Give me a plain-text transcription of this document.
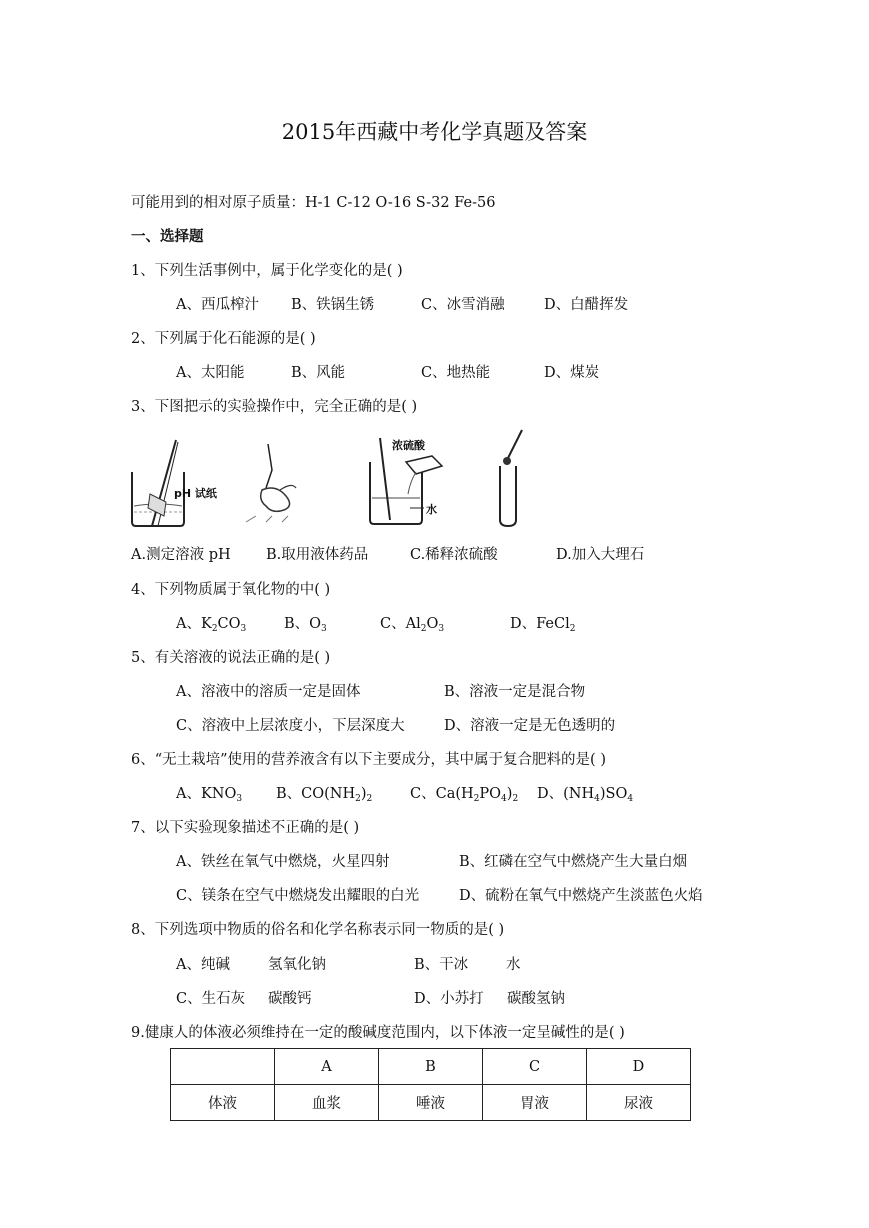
2015年西藏中考化学真题及答案
可能用到的相对原子质量：H-1 C-12 O-16 S-32 Fe-56
一、选择题
1、下列生活事例中，属于化学变化的是( )
A、西瓜榨汁 B、铁锅生锈	C、冰雪消融	D、白醋挥发
2、下列属于化石能源的是( )
A、太阳能	B、风能	C、地热能	D、煤炭
3、下图把示的实验操作中，完全正确的是( )
pH 试纸
浓硫酸
水
A.测定溶液 pH B.取用液体药品	C.稀释浓硫酸	D.加入大理石
4、下列物质属于氧化物的中( )
A、$K_2CO_3$	B、$O_3$	C、$Al_2O_3$	D、FeCl$_2$
5、有关溶液的说法正确的是( )
A、溶液中的溶质一定是固体	B、溶液一定是混合物
C、溶液中上层浓度小，下层深度大	D、溶液一定是无色透明的
6、“无土栽培”使用的营养液含有以下主要成分，其中属于复合肥料的是( )
A、$KNO_3$ B、$CO(NH_2)_2$	C、$Ca(H_2PO_4)_2$ D、$(NH_4)SO_4$
7、以下实验现象描述不正确的是( )
A、铁丝在氧气中燃烧，火星四射	B、红磷在空气中燃烧产生大量白烟
C、镁条在空气中燃烧发出耀眼的白光	D、硫粉在氧气中燃烧产生淡蓝色火焰
8、下列选项中物质的俗名和化学名称表示同一物质的是( )
A、纯碱	氢氧化钠	B、干冰	水
C、生石灰 碳酸钙	D、小苏打 碳酸氢钠
9.健康人的体液必须维持在一定的酸碱度范围内，以下体液一定呈碱性的是( )
	A	B	C	D
体液	血浆	唾液	胃液	尿液
